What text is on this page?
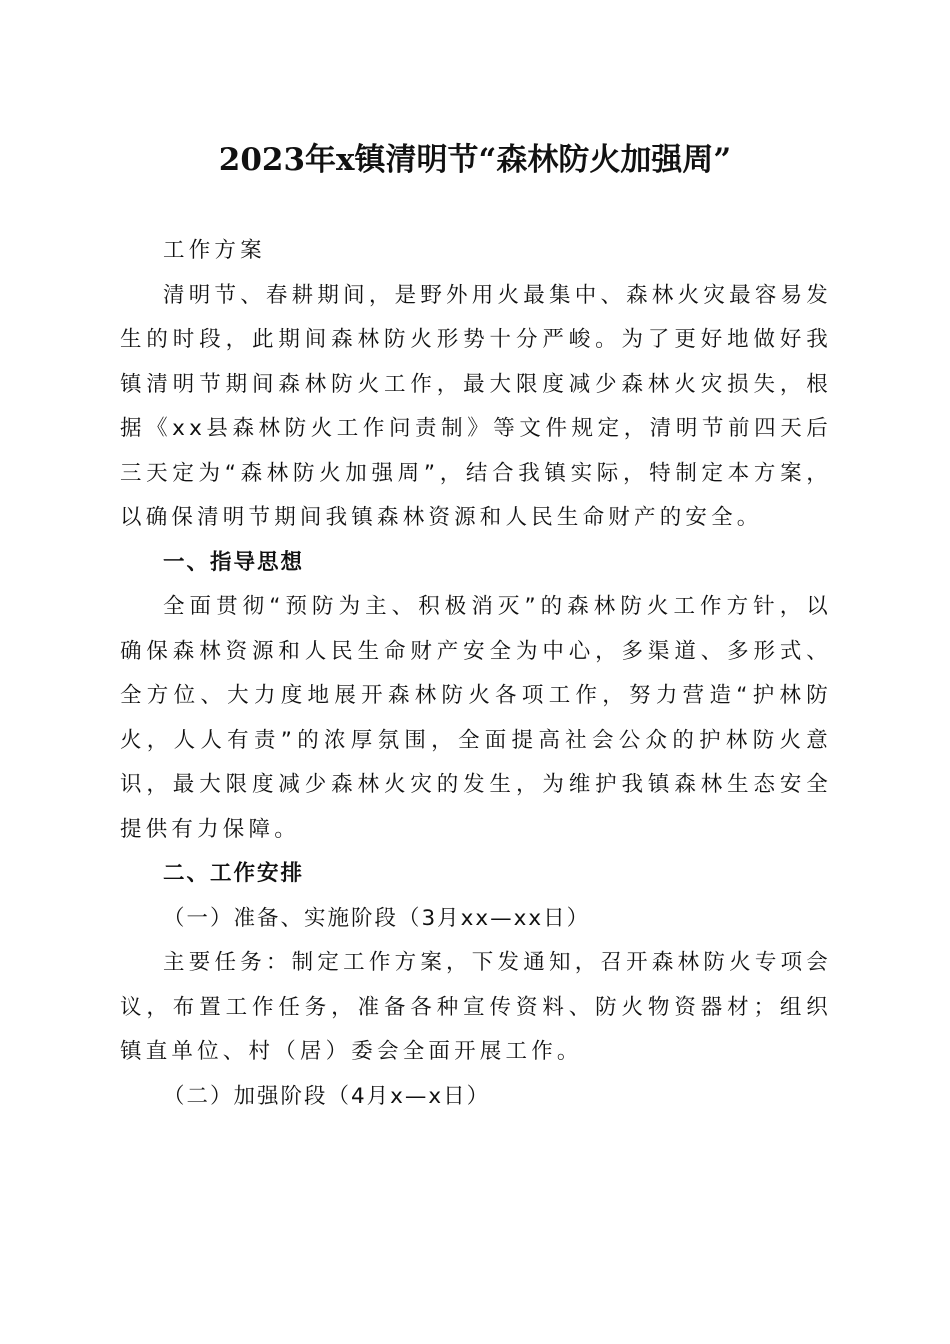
2023年x镇清明节“森林防火加强周”

工作方案

清明节、春耕期间，是野外用火最集中、森林火灾最容易发生的时段，此期间森林防火形势十分严峻。为了更好地做好我镇清明节期间森林防火工作，最大限度减少森林火灾损失，根据《xx县森林防火工作问责制》等文件规定，清明节前四天后三天定为“森林防火加强周”，结合我镇实际，特制定本方案，以确保清明节期间我镇森林资源和人民生命财产的安全。

一、指导思想

全面贯彻“预防为主、积极消灭”的森林防火工作方针，以确保森林资源和人民生命财产安全为中心，多渠道、多形式、全方位、大力度地展开森林防火各项工作，努力营造“护林防火，人人有责”的浓厚氛围，全面提高社会公众的护林防火意识，最大限度减少森林火灾的发生，为维护我镇森林生态安全提供有力保障。

二、工作安排

（一）准备、实施阶段（3月xx—xx日）

主要任务：制定工作方案，下发通知，召开森林防火专项会议，布置工作任务，准备各种宣传资料、防火物资器材；组织镇直单位、村（居）委会全面开展工作。

（二）加强阶段（4月x—x日）
